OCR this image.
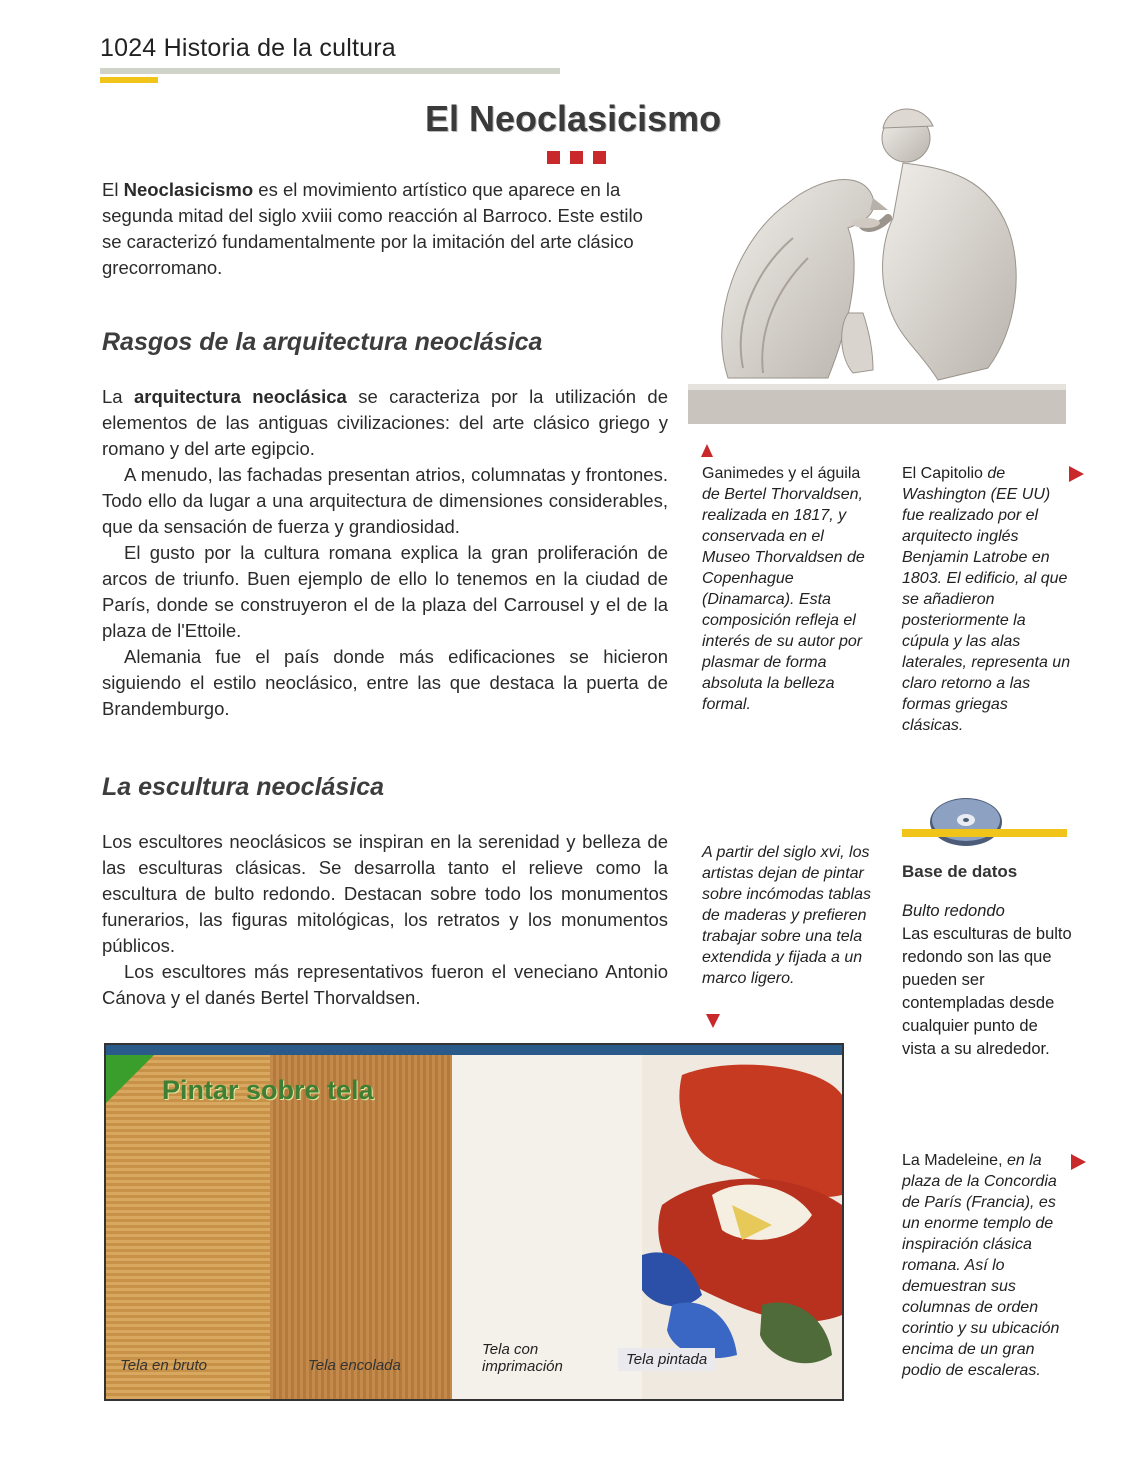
1024 Historia de la cultura
El Neoclasicismo
El Neoclasicismo es el movimiento artístico que aparece en la segunda mitad del siglo xviii como reacción al Barroco. Este estilo se caracterizó fundamentalmente por la imitación del arte clásico grecorromano.
Rasgos de la arquitectura neoclásica

La arquitectura neoclásica se caracteriza por la utilización de elementos de las antiguas civilizaciones: del arte clásico griego y romano y del arte egipcio.

A menudo, las fachadas presentan atrios, columnatas y frontones. Todo ello da lugar a una arquitectura de dimensiones considerables, que da sensación de fuerza y grandiosidad.

El gusto por la cultura romana explica la gran proliferación de arcos de triunfo. Buen ejemplo de ello lo tenemos en la ciudad de París, donde se construyeron el de la plaza del Carrousel y el de la plaza de l'Ettoile.

Alemania fue el país donde más edificaciones se hicieron siguiendo el estilo neoclásico, entre las que destaca la puerta de Brandemburgo.

La escultura neoclásica

Los escultores neoclásicos se inspiran en la serenidad y belleza de las esculturas clásicas. Se desarrolla tanto el relieve como la escultura de bulto redondo. Destacan sobre todo los monumentos funerarios, las figuras mitológicas, los retratos y los monumentos públicos.

Los escultores más representativos fueron el veneciano Antonio Cánova y el danés Bertel Thorvaldsen.

Ganimedes y el águila de Bertel Thorvaldsen, realizada en 1817, y conservada en el Museo Thorvaldsen de Copenhague (Dinamarca). Esta composición refleja el interés de su autor por plasmar de forma absoluta la belleza formal.
El Capitolio de Washington (EE UU) fue realizado por el arquitecto inglés Benjamin Latrobe en 1803. El edificio, al que se añadieron posteriormente la cúpula y las alas laterales, representa un claro retorno a las formas griegas clásicas.
A partir del siglo xvi, los artistas dejan de pintar sobre incómodas tablas de maderas y prefieren trabajar sobre una tela extendida y fijada a un marco ligero.
La Madeleine, en la plaza de la Concordia de París (Francia), es un enorme templo de inspiración clásica romana. Así lo demuestran sus columnas de orden corintio y su ubicación encima de un gran podio de escaleras.
Base de datos
Bulto redondo
Las esculturas de bulto redondo son las que pueden ser contempladas desde cualquier punto de vista a su alrededor.
Pintar sobre tela
Tela en bruto	Tela encolada
Tela con imprimación	Tela pintada
